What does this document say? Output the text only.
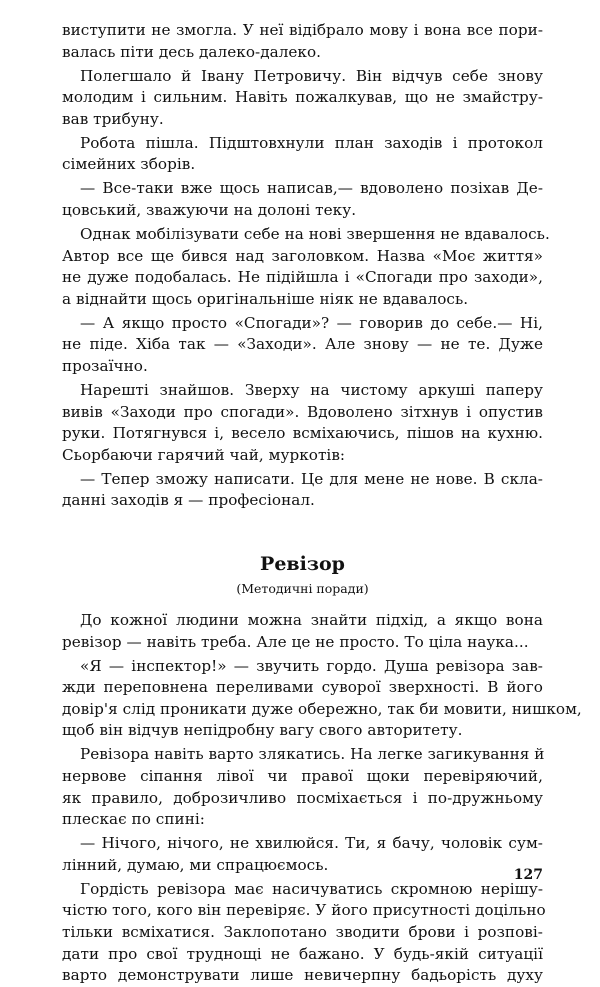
Ревізор
(Методичні поради)
виступити не змогла. У неї відібрало мову і вона все пори-
валась піти десь далеко-далеко.
Полегшало й Івану Петровичу. Він відчув себе знову
молодим і сильним. Навіть пожалкував, що не змайстру-
вав трибуну.
Робота пішла. Підштовхнули план заходів і протокол
сімейних зборів.
— Все-таки вже щось написав,— вдоволено позіхав Де-
цовський, зважуючи на долоні теку.
Однак мобілізувати себе на нові звершення не вдавалось.
Автор все ще бився над заголовком. Назва «Моє життя»
не дуже подобалась. Не підійшла і «Спогади про заходи»,
а віднайти щось оригінальніше ніяк не вдавалось.
— А якщо просто «Спогади»? — говорив до себе.— Ні,
не піде. Хіба так — «Заходи». Але знову — не те. Дуже
прозаїчно.
Нарешті знайшов. Зверху на чистому аркуші паперу
вивів «Заходи про спогади». Вдоволено зітхнув і опустив
руки. Потягнувся і, весело всміхаючись, пішов на кухню.
Сьорбаючи гарячий чай, муркотів:
— Тепер зможу написати. Це для мене не нове. В скла-
данні заходів я — професіонал.
До кожної людини можна знайти підхід, а якщо вона
ревізор — навіть треба. Але це не просто. То ціла наука...
«Я — інспектор!» — звучить гордо. Душа ревізора зав-
жди переповнена переливами суворої зверхності. В його
довір'я слід проникати дуже обережно, так би мовити, нишком,
щоб він відчув непідробну вагу свого авторитету.
Ревізора навіть варто злякатись. На легке загикування й
нервове сіпання лівої чи правої щоки перевіряючий,
як правило, доброзичливо посміхається і по-дружньому
плескає по спині:
— Нічого, нічого, не хвилюйся. Ти, я бачу, чоловік сум-
лінний, думаю, ми спрацюємось.
Гордість ревізора має насичуватись скромною нерішу-
чістю того, кого він перевіряє. У його присутності доцільно
тільки всміхатися. Заклопотано зводити брови і розпові-
дати про свої труднощі не бажано. У будь-якій ситуації
варто демонструвати лише невичерпну бадьорість духу
127
